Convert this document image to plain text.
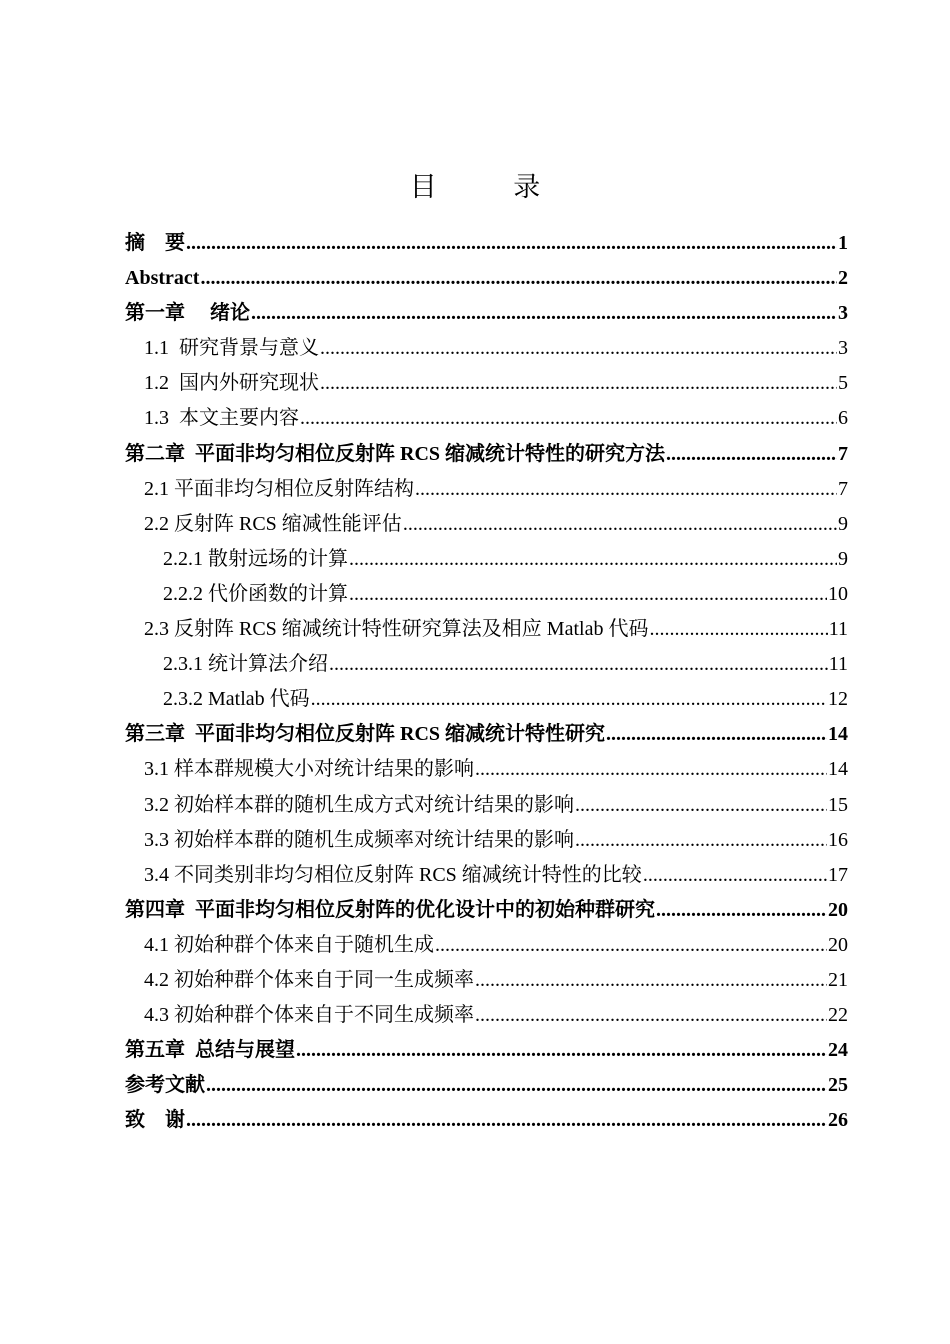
目 录
摘    要 .....	1
Abstract .....	2
第一章     绪论 .....	3
1.1  研究背景与意义 .....	3
1.2  国内外研究现状 .....	5
1.3  本文主要内容 .....	6
第二章  平面非均匀相位反射阵 RCS 缩减统计特性的研究方法 .....	7
2.1 平面非均匀相位反射阵结构 .....	7
2.2 反射阵 RCS 缩减性能评估 .....	9
2.2.1 散射远场的计算 .....	9
2.2.2 代价函数的计算 .....	10
2.3 反射阵 RCS 缩减统计特性研究算法及相应 Matlab 代码 .....	11
2.3.1 统计算法介绍 .....	11
2.3.2 Matlab 代码 .....	12
第三章  平面非均匀相位反射阵 RCS 缩减统计特性研究 .....	14
3.1 样本群规模大小对统计结果的影响 .....	14
3.2 初始样本群的随机生成方式对统计结果的影响 .....	15
3.3 初始样本群的随机生成频率对统计结果的影响 .....	16
3.4 不同类别非均匀相位反射阵 RCS 缩减统计特性的比较 .....	17
第四章  平面非均匀相位反射阵的优化设计中的初始种群研究 .....	20
4.1 初始种群个体来自于随机生成 .....	20
4.2 初始种群个体来自于同一生成频率 .....	21
4.3 初始种群个体来自于不同生成频率 .....	22
第五章  总结与展望 .....	24
参考文献 .....	25
致    谢 .....	26
